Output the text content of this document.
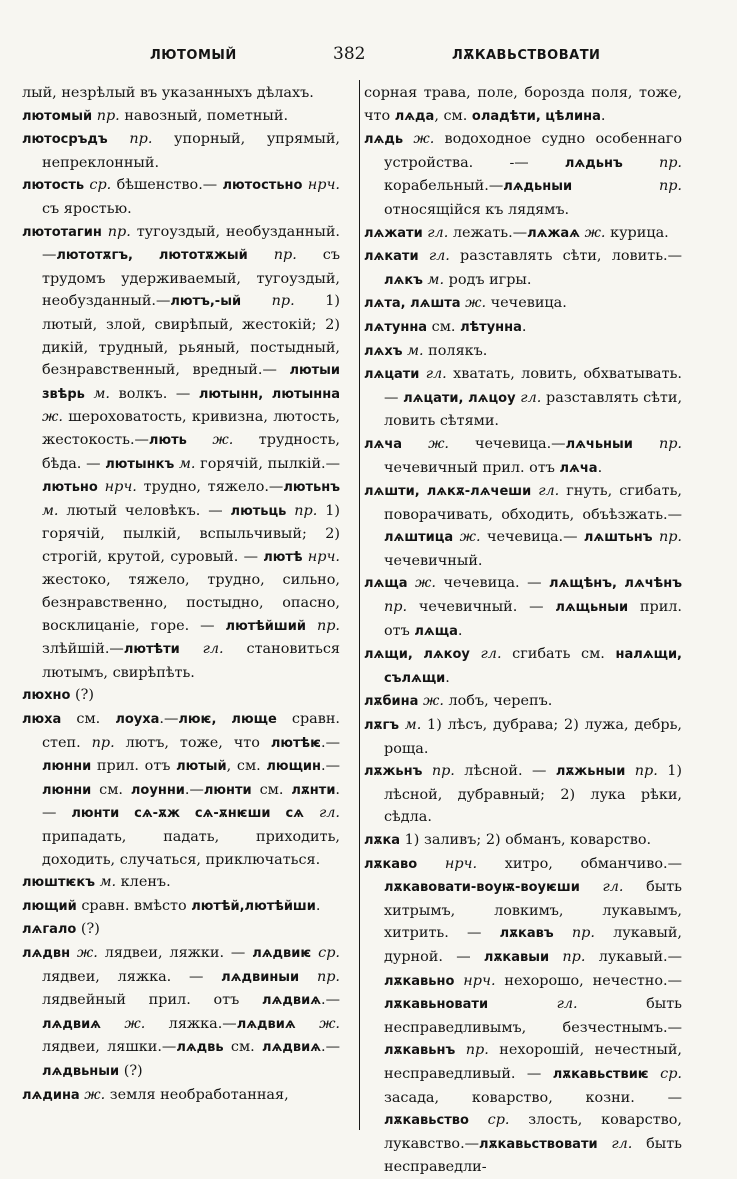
ЛЮТОМЫЙ	382	ЛѪКАВЬСТВОВАТИ

лый, незрѣлый въ указанныхъ дѣлахъ.

лютомый пр. навозный, пометный.

лютосръдъ пр. упорный, упрямый, непреклонный.

лютость ср. бѣшенство.— лютостьно нрч. съ яростью.

лютотагин пр. тугоуздый, необузданный.—лютотѫгъ, лютотѫжый пр. съ трудомъ удерживаемый, тугоуздый, необузданный.—лютъ,-ый пр. 1) лютый, злой, свирѣпый, жестокій; 2) дикій, трудный, рьяный, постыдный, безнравственный, вредный.— лютыи звѣрь м. волкъ. — лютынн, лютынна ж. шероховатость, кривизна, лютость, жестокость.—лють ж. трудность, бѣда. — лютынкъ м. горячій, пылкій.—лютьно нрч. трудно, тяжело.—лютьнъ м. лютый человѣкъ. — лютьць пр. 1) горячій, пылкій, вспыльчивый; 2) строгій, крутой, суровый. — лютѣ нрч. жестоко, тяжело, трудно, сильно, безнравственно, постыдно, опасно, восклицаніе, горе. — лютѣйший пр. злѣйшій.—лютѣти гл. становиться лютымъ, свирѣпѣть.

люхно (?)

люха см. лоуха.—люѥ, люще сравн. степ. пр. лютъ, тоже, что лютѣѥ.— люнни прил. отъ лютый, см. лющин.—люнни см. лоунни.—люнти см. лѫнти. — люнти сѧ-ѫж сѧ-ѫнѥши сѧ гл. припадать, падать, приходить, доходить, случаться, приключаться.

люштѥкъ м. кленъ.

лющий сравн. вмѣсто лютѣй,лютѣйши.

лѧгало (?)

лѧдвн ж. лядвеи, ляжки. — лѧдвиѥ ср. лядвеи, ляжка. — лѧдвиныи пр. лядвейный прил. отъ лѧдвиѧ.— лѧдвиѧ ж. ляжка.—лѧдвиѧ ж. лядвеи, ляшки.—лѧдвь см. лѧдвиѧ.— лѧдвьныи (?)

лѧдина ж. земля необработанная,

сорная трава, поле, борозда поля, тоже, что лѧда, см. оладѣти, цѣлина.

лѧдь ж. водоходное судно особеннаго устройства. -— лѧдьнъ	пр. корабельный.—лѧдьныи	пр. относящійся къ лядямъ.

лѧжати гл. лежать.—лѧжаѧ ж. курица.

лѧкати гл. разставлять сѣти, ловить.—лѧкъ м. родъ игры.

лѧта, лѧшта ж. чечевица.

лѧтунна см. лѣтунна.

лѧхъ м. полякъ.

лѧцати гл. хватать, ловить, обхватывать. — лѧцати, лѧцоу гл. разставлять сѣти, ловить сѣтями.

лѧча ж. чечевица.—лѧчьныи пр. чечевичный прил. отъ лѧча.

лѧшти, лѧкѫ-лѧчеши гл. гнуть, сгибать, поворачивать, обходить, объѣзжать.—лѧштица ж. чечевица.— лѧштьнъ пр. чечевичный.

лѧща ж. чечевица. — лѧщѣнъ, лѧчѣнъ пр. чечевичный. — лѧщьныи прил. отъ лѧща.

лѧщи, лѧкоу гл. сгибать см. налѧщи, сълѧщи.

лѫбина ж. лобъ, черепъ.

лѫгъ м. 1) лѣсъ, дубрава; 2) лужа, дебрь, роща.

лѫжьнъ пр. лѣсной. — лѫжьныи пр. 1) лѣсной, дубравный; 2) лука рѣки, сѣдла.

лѫка 1) заливъ; 2) обманъ, коварство.

лѫкаво нрч. хитро, обманчиво.—лѫкавовати-воуѭ-воуѥши гл. быть хитрымъ, ловкимъ, лукавымъ, хитрить. — лѫкавъ пр. лукавый, дурной. — лѫкавыи пр. лукавый.—лѫкавьно нрч. нехорошо, нечестно.— лѫкавьновати	гл. быть несправедливымъ, безчестнымъ.—лѫкавьнъ пр. нехорошій, нечестный, несправедливый. — лѫкавьствиѥ ср. засада, коварство, козни. — лѫкавьство ср. злость, коварство, лукавство.—лѫкавьствовати гл. быть несправедли-
